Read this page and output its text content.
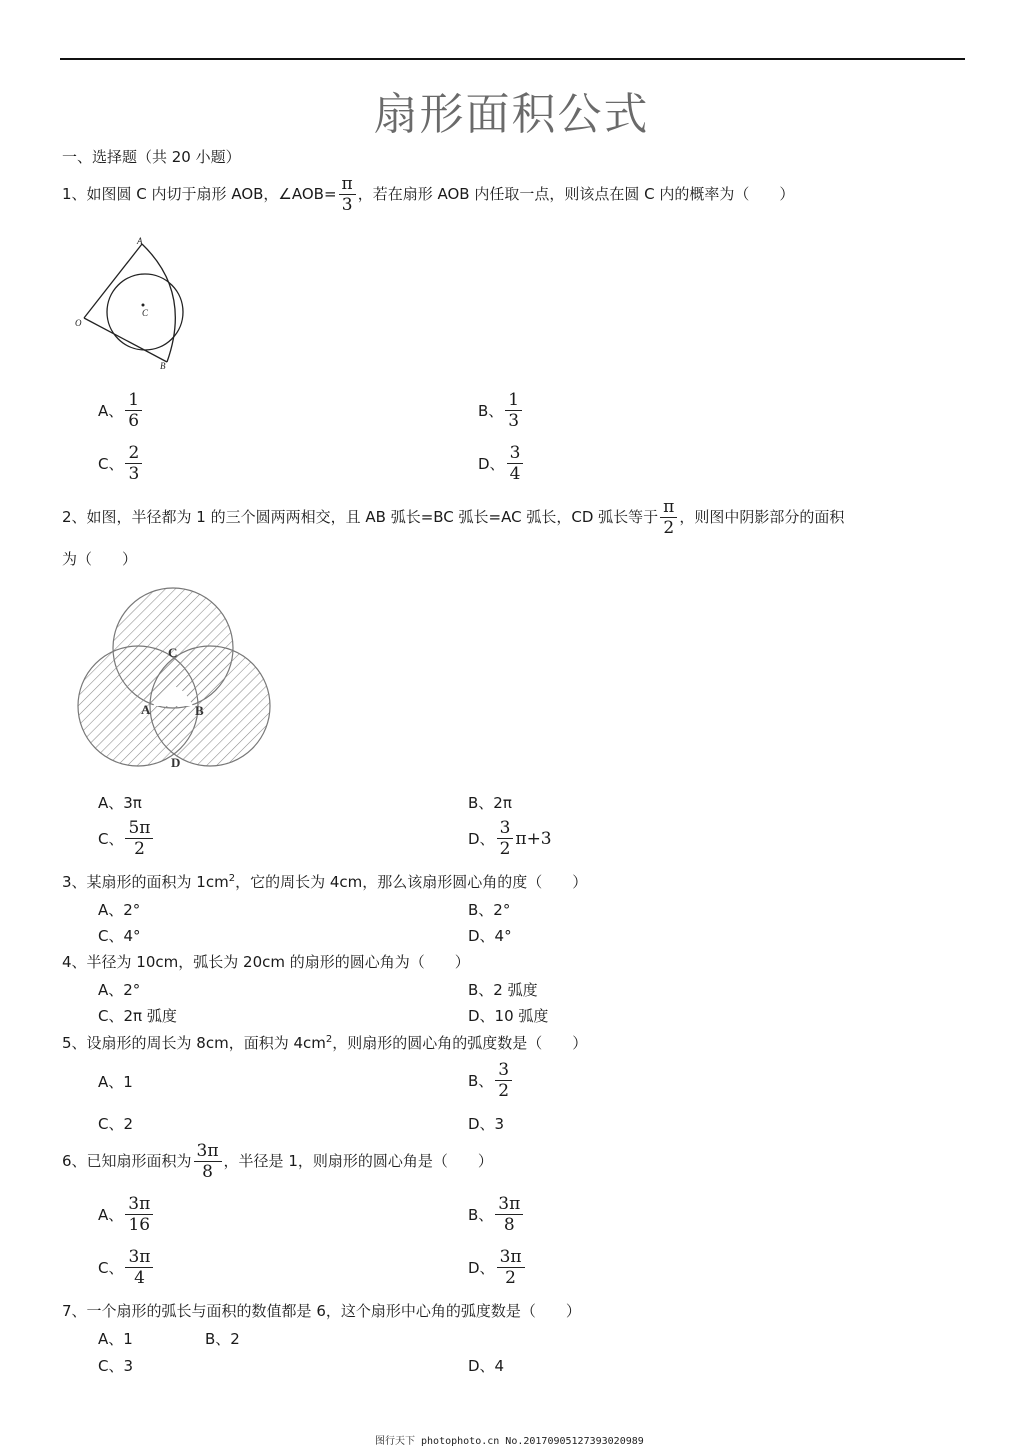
扇形面积公式
一、选择题（共 20 小题）
1、如图圆 C 内切于扇形 AOB，∠AOB= $\frac{\pi}{3}$ ，若在扇形 AOB 内任取一点，则该点在圆 C 内的概率为（　　）
A
B
O
C
A、 $\frac{1}{6}$	B、 $\frac{1}{3}$
C、 $\frac{2}{3}$	D、 $\frac{3}{4}$
2、如图，半径都为 1 的三个圆两两相交，且 AB 弧长=BC 弧长=AC 弧长，CD 弧长等于 $\frac{\pi}{2}$ ，则图中阴影部分的面积
为（　　）
C
A	B
D
A、3π	B、2π
C、 $\frac{5\pi}{2}$	D、 $\frac{3}{2} \pi+3$
3、某扇形的面积为 $1cm^2$，它的周长为 4cm，那么该扇形圆心角的度（　　）
A、2°	B、2°
C、4°	D、4°
4、半径为 10cm，弧长为 20cm 的扇形的圆心角为（　　）
A、2°	B、2 弧度
C、2π 弧度	D、10 弧度
5、设扇形的周长为 8cm，面积为 $4cm^2$，则扇形的圆心角的弧度数是（　　）
A、1	B、 $\frac{3}{2}$
C、2	D、3
6、已知扇形面积为 $\frac{3\pi}{8}$ ，半径是 1，则扇形的圆心角是（　　）
A、 $\frac{3\pi}{16}$	B、 $\frac{3\pi}{8}$
C、 $\frac{3\pi}{4}$	D、 $\frac{3\pi}{2}$
7、一个扇形的弧长与面积的数值都是 6，这个扇形中心角的弧度数是（　　）
A、1	B、2
C、3	D、4
图行天下 photophoto.cn No.20170905127393020989
